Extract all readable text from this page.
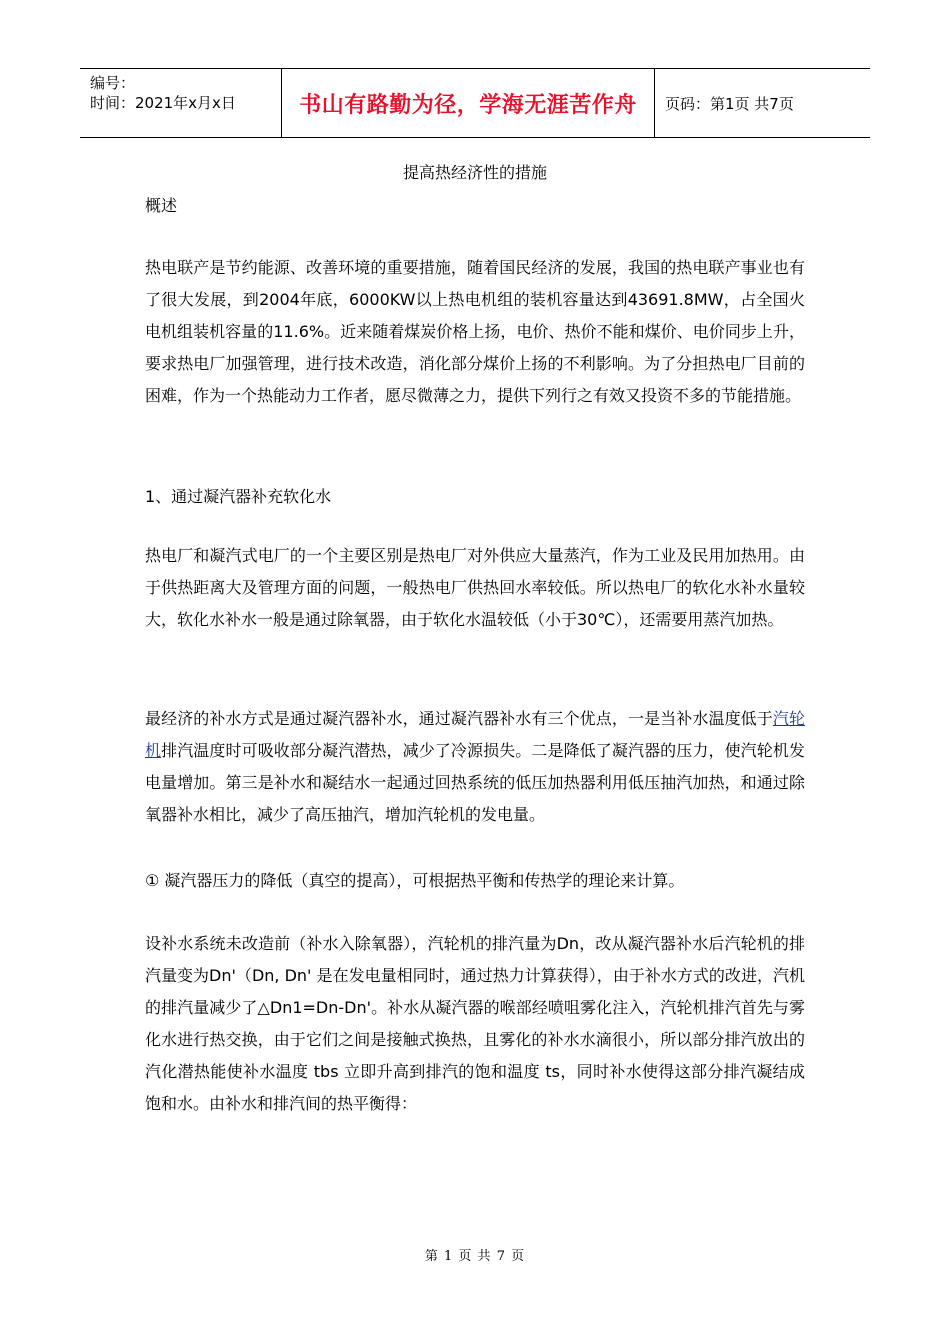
编号：
时间：2021年x月x日	书山有路勤为径，学海无涯苦作舟	页码：第1页 共7页
提高热经济性的措施
概述

热电联产是节约能源、改善环境的重要措施，随着国民经济的发展，我国的热电联产事业也有了很大发展，到2004年底，6000KW以上热电机组的装机容量达到43691.8MW，占全国火电机组装机容量的11.6%。近来随着煤炭价格上扬，电价、热价不能和煤价、电价同步上升，要求热电厂加强管理，进行技术改造，消化部分煤价上扬的不利影响。为了分担热电厂目前的困难，作为一个热能动力工作者，愿尽微薄之力，提供下列行之有效又投资不多的节能措施。

1、通过凝汽器补充软化水

热电厂和凝汽式电厂的一个主要区别是热电厂对外供应大量蒸汽，作为工业及民用加热用。由于供热距离大及管理方面的问题，一般热电厂供热回水率较低。所以热电厂的软化水补水量较大，软化水补水一般是通过除氧器，由于软化水温较低（小于30℃），还需要用蒸汽加热。

最经济的补水方式是通过凝汽器补水，通过凝汽器补水有三个优点，一是当补水温度低于汽轮机排汽温度时可吸收部分凝汽潜热，减少了冷源损失。二是降低了凝汽器的压力，使汽轮机发电量增加。第三是补水和凝结水一起通过回热系统的低压加热器利用低压抽汽加热，和通过除氧器补水相比，减少了高压抽汽，增加汽轮机的发电量。

① 凝汽器压力的降低（真空的提高），可根据热平衡和传热学的理论来计算。

设补水系统未改造前（补水入除氧器），汽轮机的排汽量为Dn，改从凝汽器补水后汽轮机的排汽量变为Dn'（Dn, Dn' 是在发电量相同时，通过热力计算获得），由于补水方式的改进，汽机的排汽量减少了△Dn1=Dn-Dn'。补水从凝汽器的喉部经喷咀雾化注入，汽轮机排汽首先与雾化水进行热交换，由于它们之间是接触式换热，且雾化的补水水滴很小，所以部分排汽放出的汽化潜热能使补水温度 tbs 立即升高到排汽的饱和温度 ts，同时补水使得这部分排汽凝结成饱和水。由补水和排汽间的热平衡得：

第 1 页 共 7 页
